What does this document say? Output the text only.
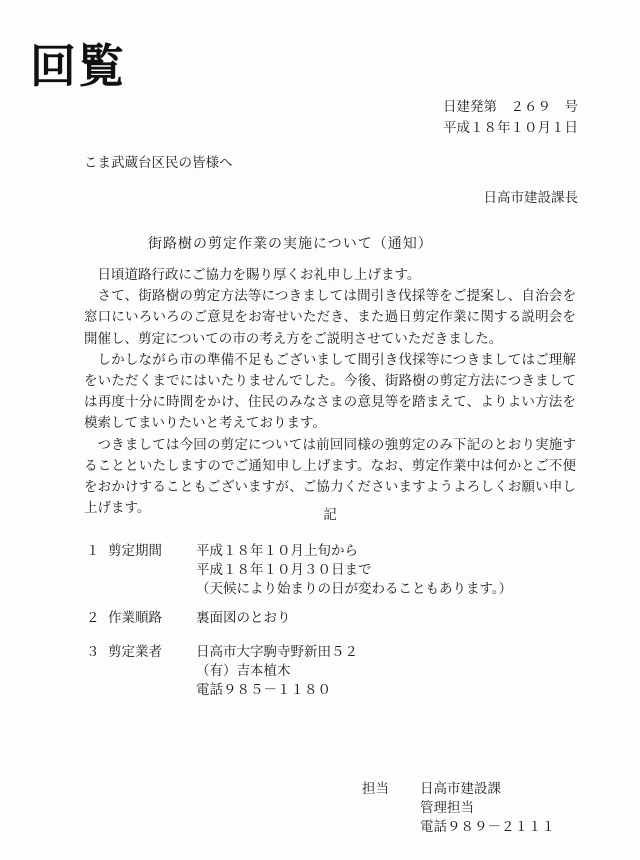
回覧
日建発第　２６９　号
平成１８年１０月１日
こま武蔵台区民の皆様へ
日高市建設課長
街路樹の剪定作業の実施について（通知）

日頃道路行政にご協力を賜り厚くお礼申し上げます。

さて、街路樹の剪定方法等につきましては間引き伐採等をご提案し、自治会を窓口にいろいろのご意見をお寄せいただき、また過日剪定作業に関する説明会を開催し、剪定についての市の考え方をご説明させていただきました。

しかしながら市の準備不足もございまして間引き伐採等につきましてはご理解をいただくまでにはいたりませんでした。今後、街路樹の剪定方法につきましては再度十分に時間をかけ、住民のみなさまの意見等を踏まえて、よりよい方法を模索してまいりたいと考えております。

つきましては今回の剪定については前回同様の強剪定のみ下記のとおり実施することといたしますのでご通知申し上げます。なお、剪定作業中は何かとご不便をおかけすることもございますが、ご協力くださいますようよろしくお願い申し上げます。	記
１ 剪定期間	平成１８年１０月上旬から
平成１８年１０月３０日まで
（天候により始まりの日が変わることもあります。）
２ 作業順路	裏面図のとおり
３ 剪定業者	日高市大字駒寺野新田５２
（有）吉本植木
電話９８５－１１８０
担当 日高市建設課
管理担当
電話９８９－２１１１
